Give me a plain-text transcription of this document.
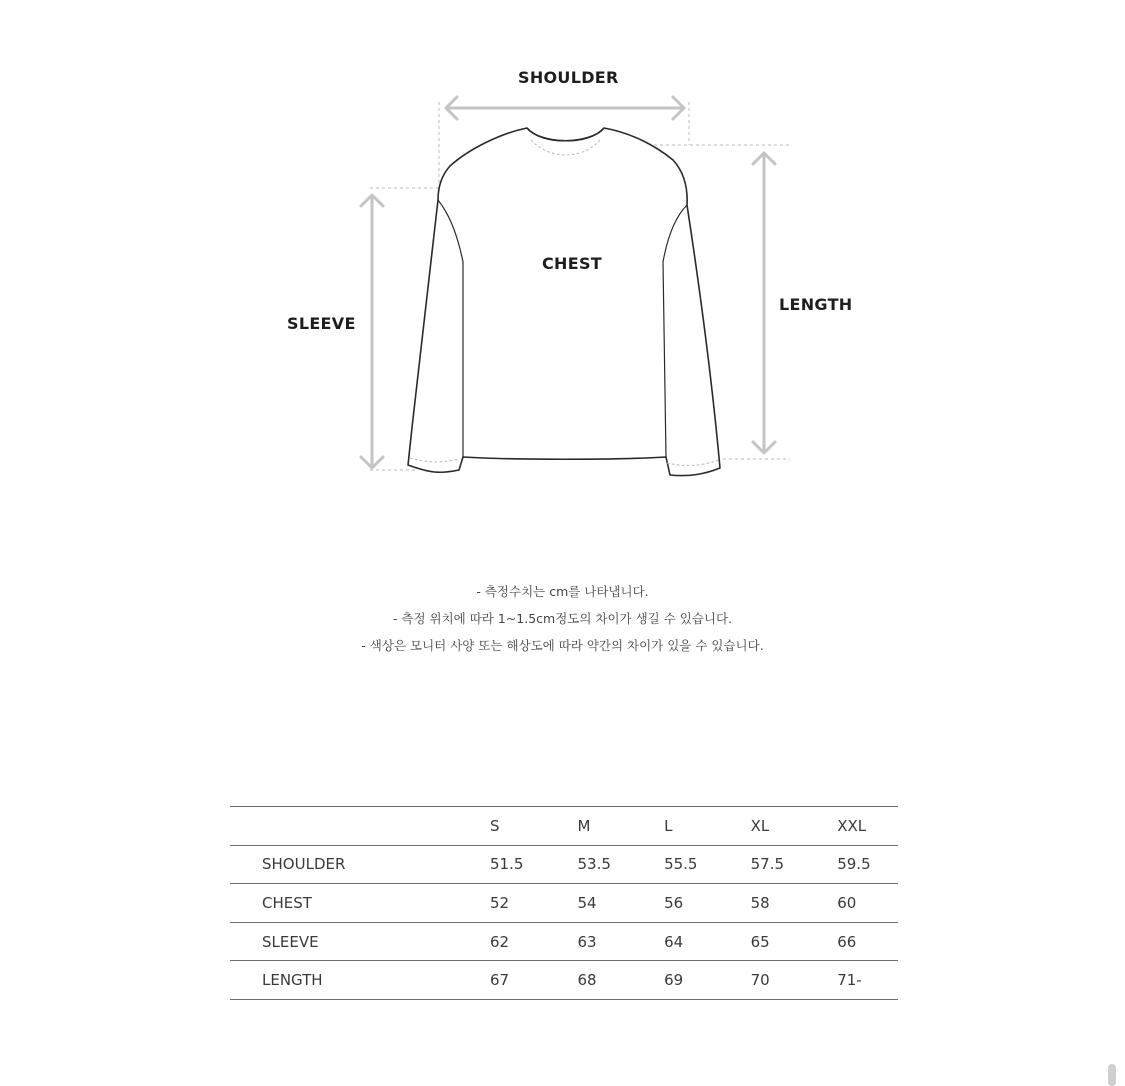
SHOULDER
CHEST
LENGTH
SLEEVE
- 측정수치는 cm를 나타냅니다.
- 측정 위치에 따라 1~1.5cm정도의 차이가 생길 수 있습니다.
- 색상은 모니터 사양 또는 해상도에 따라 약간의 차이가 있을 수 있습니다.
	S	M	L	XL	XXL
SHOULDER	51.5	53.5	55.5	57.5	59.5
CHEST	52	54	56	58	60
SLEEVE	62	63	64	65	66
LENGTH	67	68	69	70	71-
